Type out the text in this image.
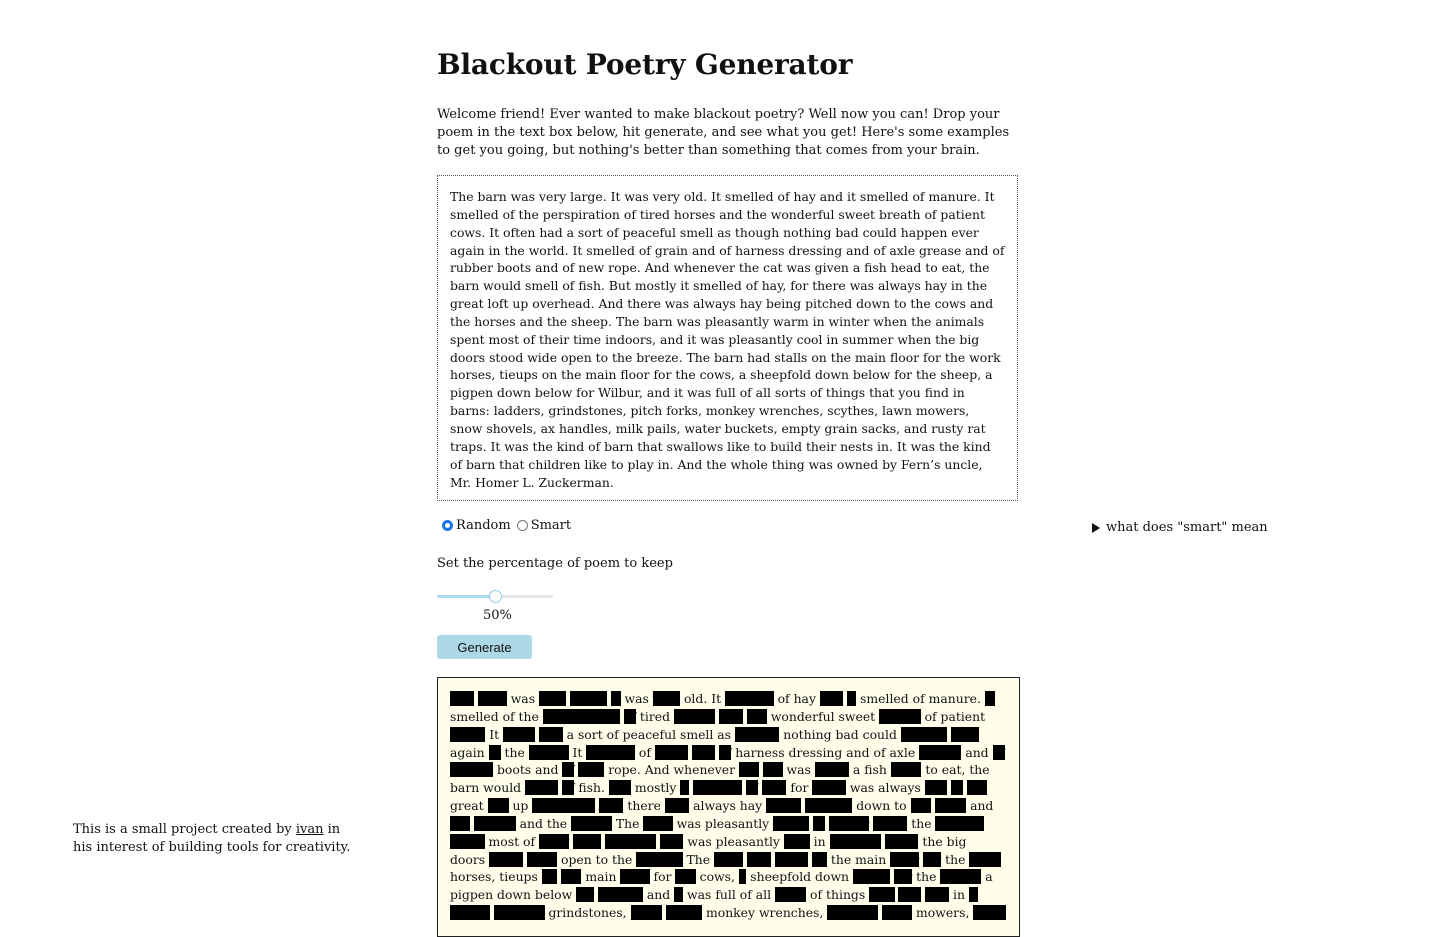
Blackout Poetry Generator

Welcome friend! Ever wanted to make blackout poetry? Well now you can! Drop your poem in the text box below, hit generate, and see what you get! Here's some examples to get you going, but nothing's better than something that comes from your brain.

The barn was very large. It was very old. It smelled of hay and it smelled of manure. It smelled of the perspiration of tired horses and the wonderful sweet breath of patient cows. It often had a sort of peaceful smell as though nothing bad could happen ever again in the world. It smelled of grain and of harness dressing and of axle grease and of rubber boots and of new rope. And whenever the cat was given a fish head to eat, the barn would smell of fish. But mostly it smelled of hay, for there was always hay in the great loft up overhead. And there was always hay being pitched down to the cows and the horses and the sheep. The barn was pleasantly warm in winter when the animals spent most of their time indoors, and it was pleasantly cool in summer when the big doors stood wide open to the breeze. The barn had stalls on the main floor for the work horses, tieups on the main floor for the cows, a sheepfold down below for the sheep, a pigpen down below for Wilbur, and it was full of all sorts of things that you find in barns: ladders, grindstones, pitch forks, monkey wrenches, scythes, lawn mowers, snow shovels, ax handles, milk pails, water buckets, empty grain sacks, and rusty rat traps. It was the kind of barn that swallows like to build their nests in. It was the kind of barn that children like to play in. And the whole thing was owned by Fern’s uncle, Mr. Homer L. Zuckerman.
Random Smart

Set the percentage of poem to keep

50%
Generate
The barn was very large. It was very old. It smelled of hay and it smelled of manure. It
smelled of the perspiration of tired horses and the wonderful sweet breath of patient
cows. It often had a sort of peaceful smell as though nothing bad could happen ever
again in the world. It smelled of grain and of harness dressing and of axle grease and of
rubber boots and of new rope. And whenever the cat was given a fish head to eat, the
barn would smell of fish. But mostly it smelled of hay, for there was always hay in the
great loft up overhead. And there was always hay being pitched down to the cows and
the horses and the sheep. The barn was pleasantly warm in winter when the animals
spent most of their time indoors, and was pleasantly cool in summer when the big
doors stood wide open to the breeze. The barn had stalls on the main floor for the work
horses, tieups on the main floor for the cows, a sheepfold down below for the sheep, a
pigpen down below for Wilbur, and it was full of all sorts of things that you find in it
barns: ladders, grindstones, pitch forks, monkey wrenches, scythes, lawn mowers, snow
what does "smart" mean

This is a small project created by ivan in his interest of building tools for creativity.
